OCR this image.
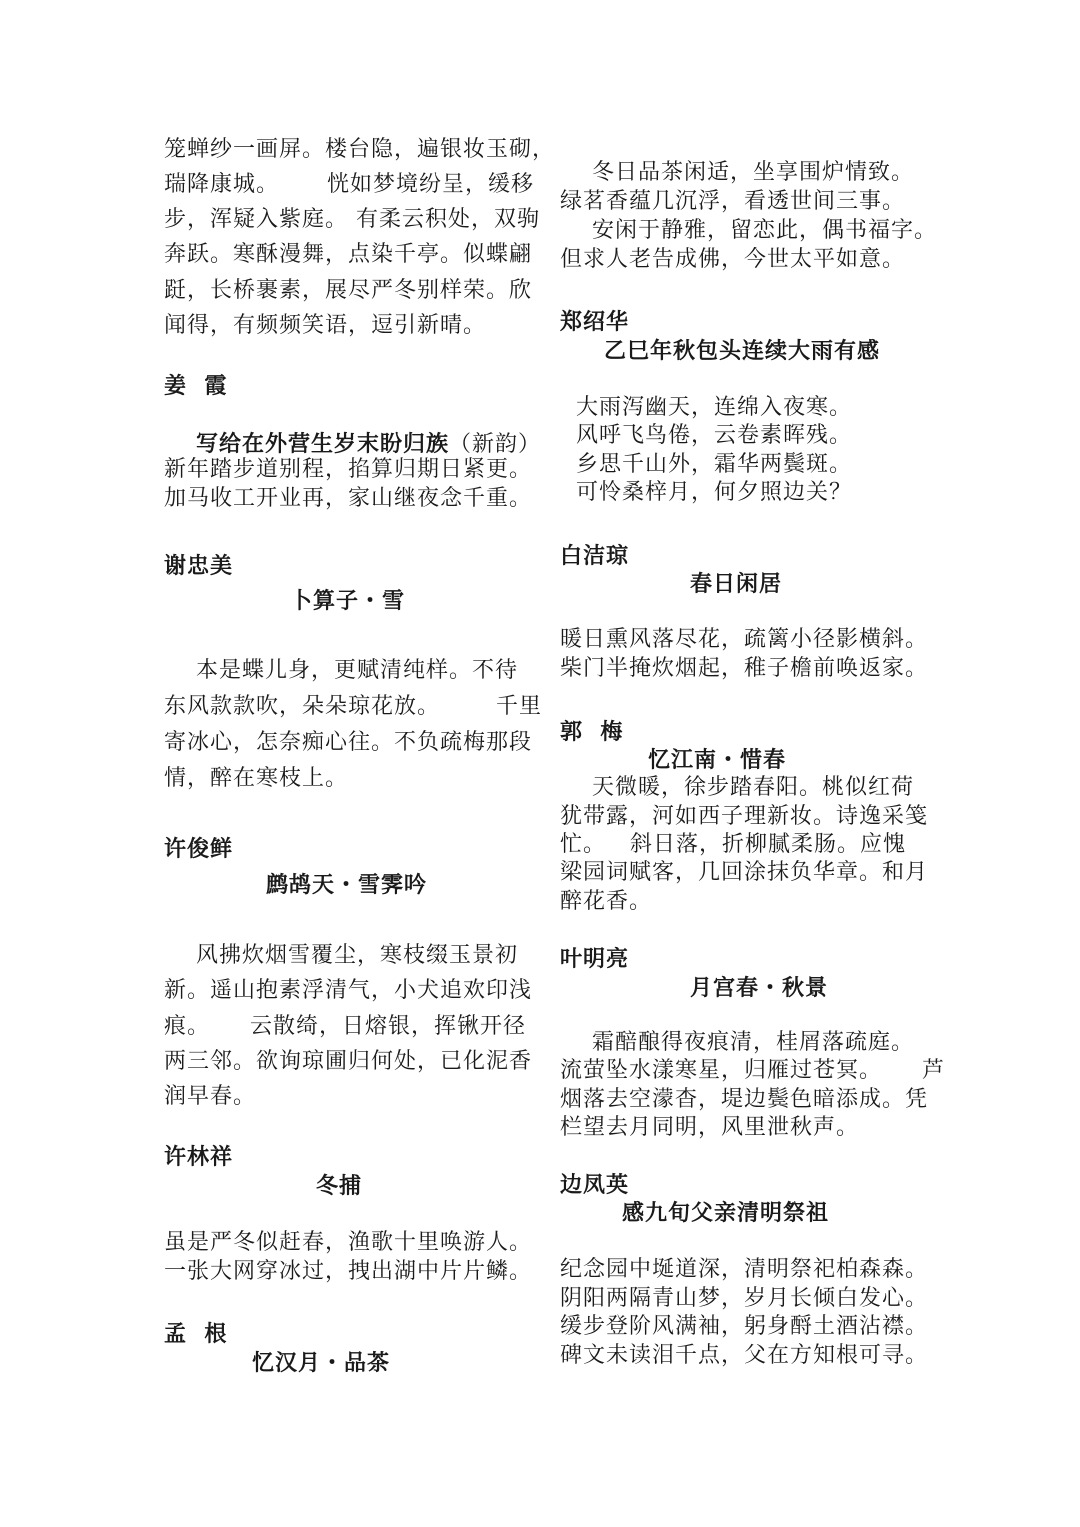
笼蝉纱一画屏。楼台隐，遍银妆玉砌，
瑞降康城。      恍如梦境纷呈，缓移
步，浑疑入紫庭。 有柔云积处，双驹
奔跃。寒酥漫舞，点染千亭。似蝶翩
跹，长桥裹素，展尽严冬别样荣。欣
闻得，有频频笑语，逗引新晴。
姜  霞

写给在外营生岁末盼归族（新韵）

新年踏步道别程，掐算归期日紧更。
加马收工开业再，家山继夜念千重。
谢忠美
卜算子・雪
本是蝶儿身，更赋清纯样。不待
东风款款吹，朵朵琼花放。       千里
寄冰心，怎奈痴心往。不负疏梅那段
情，醉在寒枝上。
许俊鲜
鹧鸪天・雪霁吟
风拂炊烟雪覆尘，寒枝缀玉景初
新。遥山抱素浮清气，小犬追欢印浅
痕。     云散绮，日熔银，挥锹开径
两三邻。欲询琼圃归何处，已化泥香
润早春。
许林祥
冬捕
虽是严冬似赶春，渔歌十里唤游人。
一张大网穿冰过，拽出湖中片片鳞。
孟  根
忆汉月・品茶
冬日品茶闲适，坐享围炉情致。
绿茗香蕴几沉浮，看透世间三事。
安闲于静雅，留恋此，偶书福字。
但求人老告成佛，今世太平如意。
郑绍华
乙巳年秋包头连续大雨有感
大雨泻幽天，连绵入夜寒。
风呼飞鸟倦，云卷素晖残。
乡思千山外，霜华两鬓斑。
可怜桑梓月，何夕照边关？
白洁琼
春日闲居
暖日熏风落尽花，疏篱小径影横斜。
柴门半掩炊烟起，稚子檐前唤返家。
郭  梅
忆江南・惜春
天微暖，徐步踏春阳。桃似红荷
犹带露，河如西子理新妆。诗逸采笺
忙。   斜日落，折柳腻柔肠。应愧
梁园词赋客，几回涂抹负华章。和月
醉花香。
叶明亮
月宫春・秋景
霜醅酿得夜痕清，桂屑落疏庭。
流萤坠水漾寒星，归雁过苍冥。     芦
烟落去空濛杳，堤边鬓色暗添成。凭
栏望去月同明，风里泄秋声。
边凤英
感九旬父亲清明祭祖
纪念园中埏道深，清明祭祀柏森森。
阴阳两隔青山梦，岁月长倾白发心。
缓步登阶风满袖，躬身酹土酒沾襟。
碑文未读泪千点，父在方知根可寻。
